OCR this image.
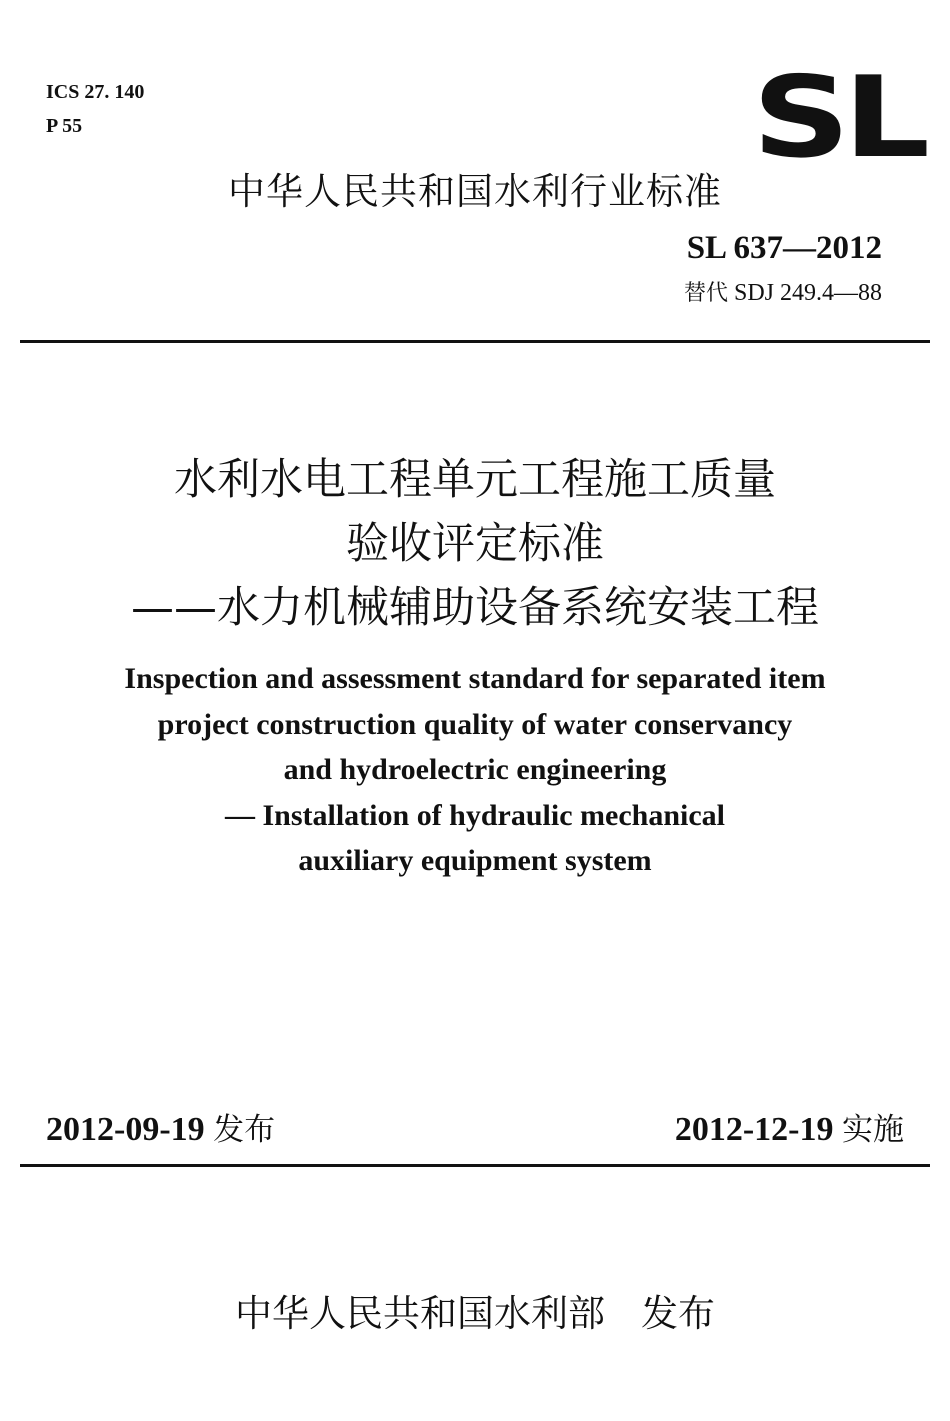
ICS 27. 140
P 55	SL
中华人民共和国水利行业标准
SL 637—2012
替代 SDJ 249.4—88
水利水电工程单元工程施工质量
验收评定标准
——水力机械辅助设备系统安装工程
Inspection and assessment standard for separated item
project construction quality of water conservancy
and hydroelectric engineering
— Installation of hydraulic mechanical
auxiliary equipment system
2012-09-19 发布	2012-12-19 实施
中华人民共和国水利部 发布
